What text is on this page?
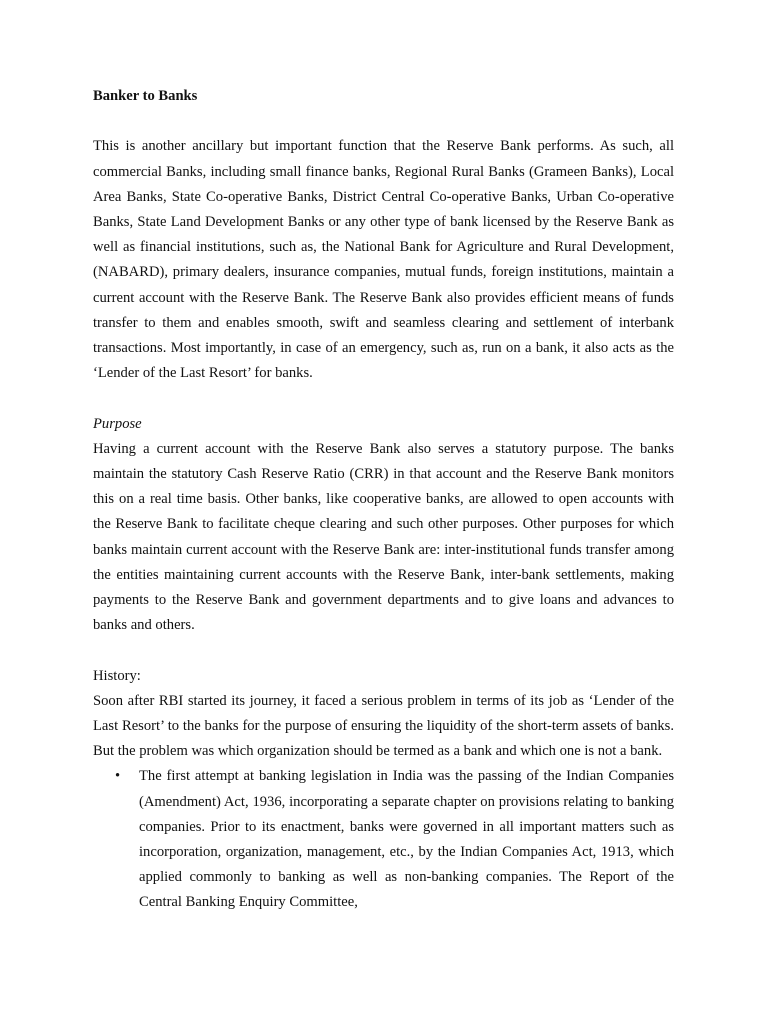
Banker to Banks

This is another ancillary but important function that the Reserve Bank performs. As such, all commercial Banks, including small finance banks, Regional Rural Banks (Grameen Banks), Local Area Banks, State Co-operative Banks, District Central Co-operative Banks, Urban Co-operative Banks, State Land Development Banks or any other type of bank licensed by the Reserve Bank as well as financial institutions, such as, the National Bank for Agriculture and Rural Development, (NABARD), primary dealers, insurance companies, mutual funds, foreign institutions, maintain a current account with the Reserve Bank. The Reserve Bank also provides efficient means of funds transfer to them and enables smooth, swift and seamless clearing and settlement of interbank transactions. Most importantly, in case of an emergency, such as, run on a bank, it also acts as the ‘Lender of the Last Resort’ for banks.

Purpose

Having a current account with the Reserve Bank also serves a statutory purpose. The banks maintain the statutory Cash Reserve Ratio (CRR) in that account and the Reserve Bank monitors this on a real time basis. Other banks, like cooperative banks, are allowed to open accounts with the Reserve Bank to facilitate cheque clearing and such other purposes. Other purposes for which banks maintain current account with the Reserve Bank are: inter-institutional funds transfer among the entities maintaining current accounts with the Reserve Bank, inter-bank settlements, making payments to the Reserve Bank and government departments and to give loans and advances to banks and others.

History:

Soon after RBI started its journey, it faced a serious problem in terms of its job as ‘Lender of the Last Resort’ to the banks for the purpose of ensuring the liquidity of the short-term assets of banks. But the problem was which organization should be termed as a bank and which one is not a bank.

• The first attempt at banking legislation in India was the passing of the Indian Companies (Amendment) Act, 1936, incorporating a separate chapter on provisions relating to banking companies. Prior to its enactment, banks were governed in all important matters such as incorporation, organization, management, etc., by the Indian Companies Act, 1913, which applied commonly to banking as well as non-banking companies. The Report of the Central Banking Enquiry Committee,
